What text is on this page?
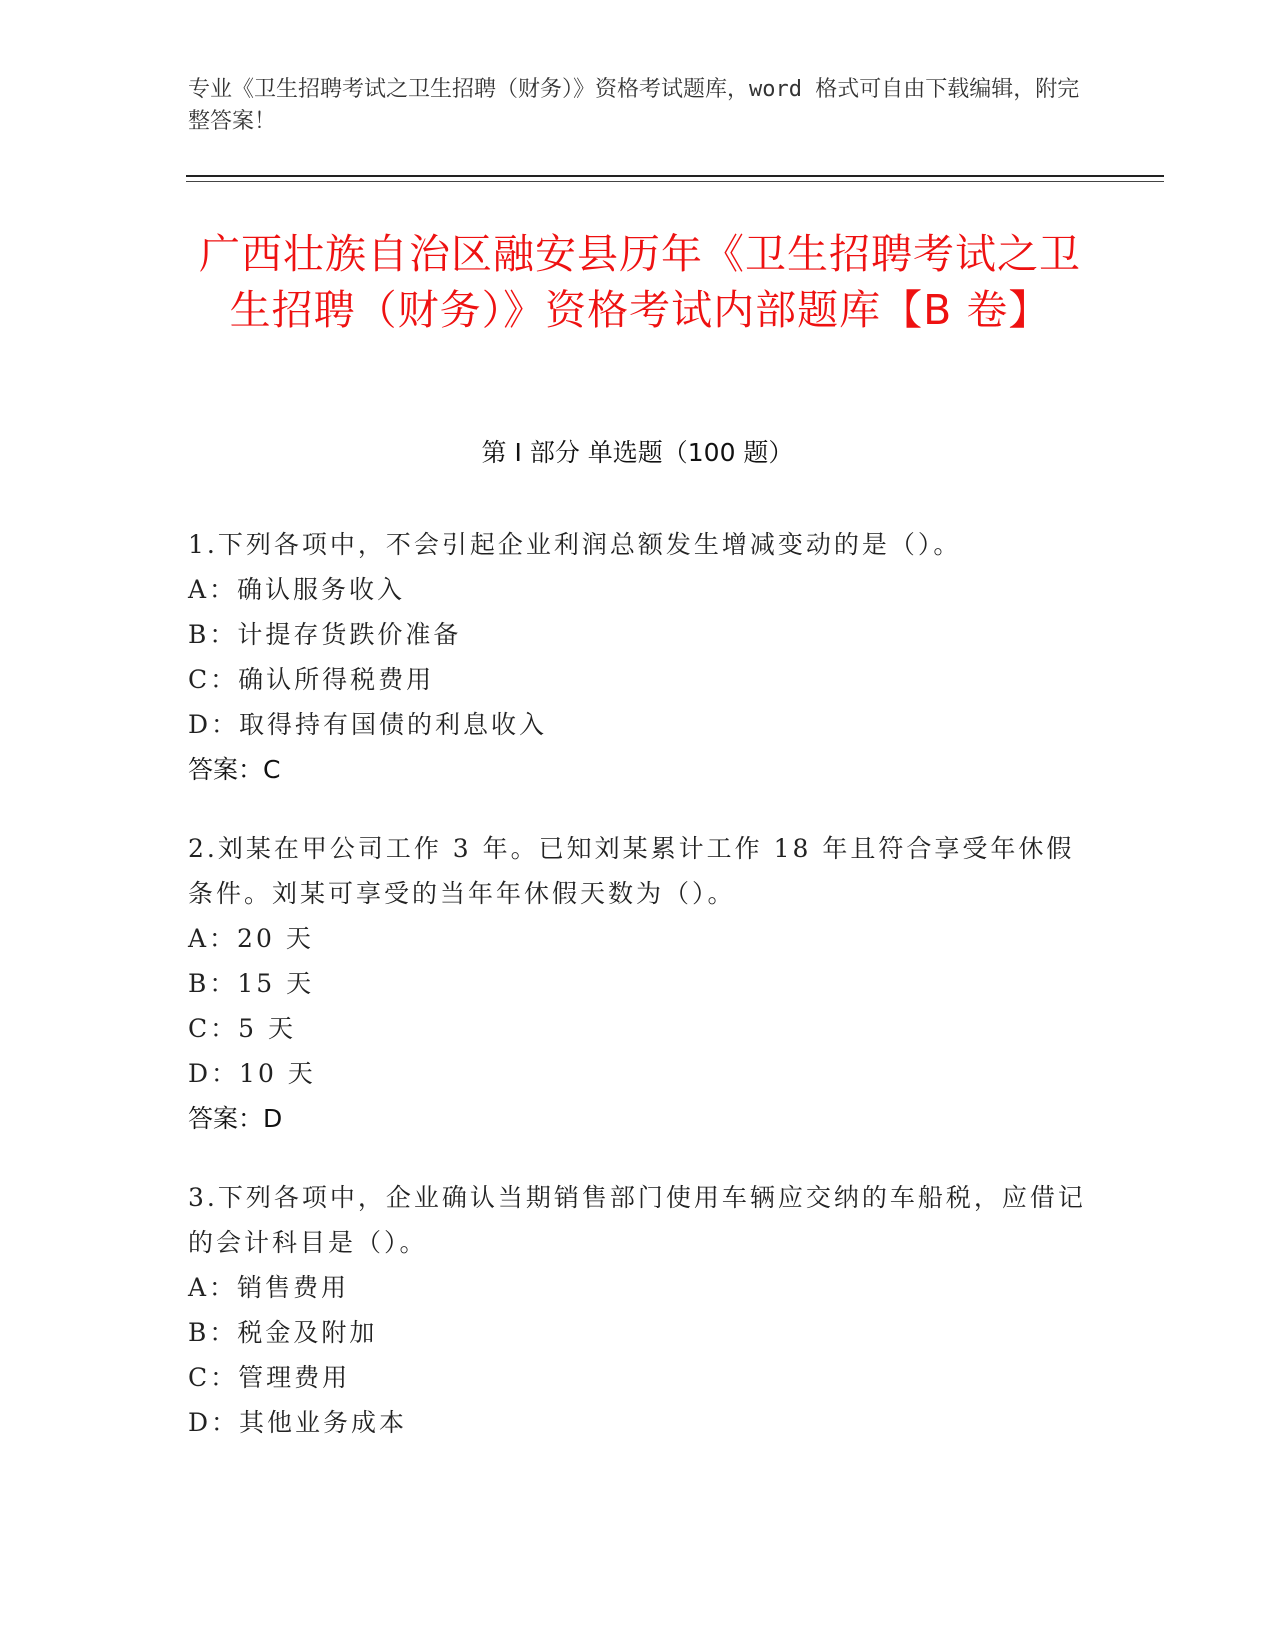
专业《卫生招聘考试之卫生招聘（财务）》资格考试题库，word 格式可自由下载编辑，附完整答案！
广西壮族自治区融安县历年《卫生招聘考试之卫生招聘（财务）》资格考试内部题库【B 卷】
第 I 部分 单选题（100 题）
1.下列各项中，不会引起企业利润总额发生增减变动的是（）。
A：确认服务收入
B：计提存货跌价准备
C：确认所得税费用
D：取得持有国债的利息收入
答案：C
2.刘某在甲公司工作 3 年。已知刘某累计工作 18 年且符合享受年休假条件。刘某可享受的当年年休假天数为（）。
A：20 天
B：15 天
C：5 天
D：10 天
答案：D
3.下列各项中，企业确认当期销售部门使用车辆应交纳的车船税，应借记的会计科目是（）。
A：销售费用
B：税金及附加
C：管理费用
D：其他业务成本
